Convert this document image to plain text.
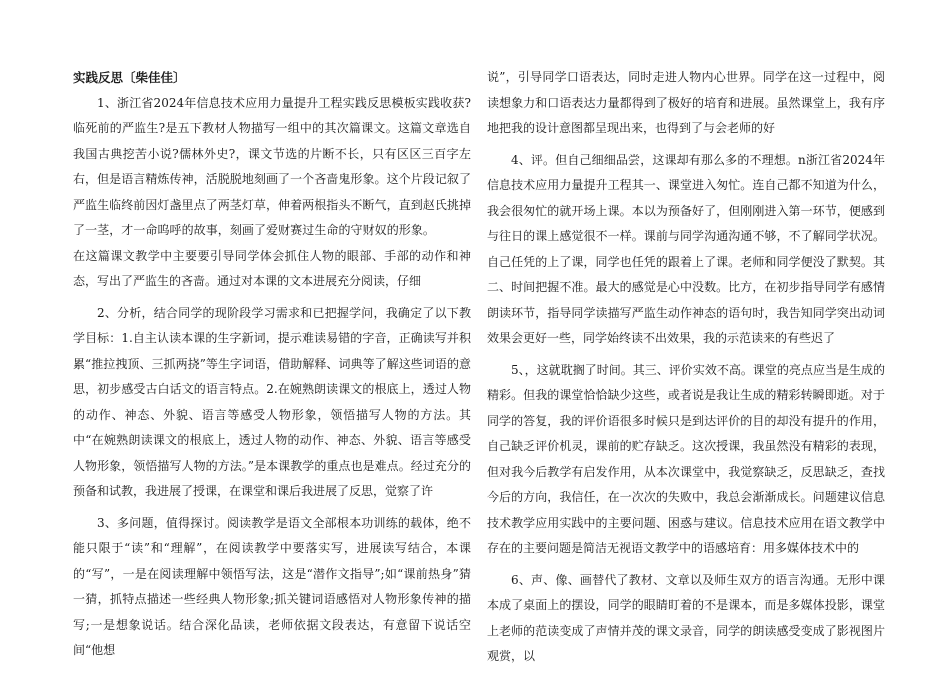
实践反思〔柴佳佳〕

1、浙江省2024年信息技术应用力量提升工程实践反思模板实践收获?临死前的严监生?是五下教材人物描写一组中的其次篇课文。这篇文章选自我国古典挖苦小说?儒林外史?，课文节选的片断不长，只有区区三百字左右，但是语言精炼传神，活脱脱地刻画了一个吝啬鬼形象。这个片段记叙了严监生临终前因灯盏里点了两茎灯草，伸着两根指头不断气，直到赵氏挑掉了一茎，才一命呜呼的故事，刻画了爱财赛过生命的守财奴的形象。在这篇课文教学中主要要引导同学体会抓住人物的眼部、手部的动作和神态，写出了严监生的吝啬。通过对本课的文本进展充分阅读，仔细

2、分析，结合同学的现阶段学习需求和已把握学问，我确定了以下教学目标：1.自主认读本课的生字新词，提示难读易错的字音，正确读写并积累“推拉拽顶、三抓两挠”等生字词语，借助解释、词典等了解这些词语的意思，初步感受古白话文的语言特点。2.在婉熟朗读课文的根底上，透过人物的动作、神态、外貌、语言等感受人物形象，领悟描写人物的方法。其中“在婉熟朗读课文的根底上，透过人物的动作、神态、外貌、语言等感受人物形象，领悟描写人物的方法。”是本课教学的重点也是难点。经过充分的预备和试教，我进展了授课，在课堂和课后我进展了反思，觉察了许

3、多问题，值得探讨。阅读教学是语文全部根本功训练的载体，绝不能只限于“读”和“理解”，在阅读教学中要落实写，进展读写结合，本课的“写”，一是在阅读理解中领悟写法，这是“潜作文指导”;如“课前热身”猜一猜，抓特点描述一些经典人物形象;抓关键词语感悟对人物形象传神的描写;一是想象说话。结合深化品读，老师依据文段表达，有意留下说话空间“他想

说”，引导同学口语表达，同时走进人物内心世界。同学在这一过程中，阅读想象力和口语表达力量都得到了极好的培育和进展。虽然课堂上，我有序地把我的设计意图都呈现出来，也得到了与会老师的好

4、评。但自己细细品尝，这课却有那么多的不理想。n浙江省2024年信息技术应用力量提升工程其一、课堂进入匆忙。连自己都不知道为什么，我会很匆忙的就开场上课。本以为预备好了，但刚刚进入第一环节，便感到与往日的课上感觉很不一样。课前与同学沟通沟通不够，不了解同学状况。自己任凭的上了课，同学也任凭的跟着上了课。老师和同学便没了默契。其二、时间把握不准。最大的感觉是心中没数。比方，在初步指导同学有感情朗读环节，指导同学读描写严监生动作神态的语句时，我告知同学突出动词效果会更好一些，同学始终读不出效果，我的示范读来的有些迟了

5、，这就耽搁了时间。其三、评价实效不高。课堂的亮点应当是生成的精彩。但我的课堂恰恰缺少这些，或者说是我让生成的精彩转瞬即逝。对于同学的答复，我的评价语很多时候只是到达评价的目的却没有提升的作用，自己缺乏评价机灵，课前的贮存缺乏。这次授课，我虽然没有精彩的表现，但对我今后教学有启发作用，从本次课堂中，我觉察缺乏，反思缺乏，查找今后的方向，我信任，在一次次的失败中，我总会渐渐成长。问题建议信息技术教学应用实践中的主要问题、困惑与建议。信息技术应用在语文教学中存在的主要问题是简洁无视语文教学中的语感培育：用多媒体技术中的

6、声、像、画替代了教材、文章以及师生双方的语言沟通。无形中课本成了桌面上的摆设，同学的眼睛盯着的不是课本，而是多媒体投影，课堂上老师的范读变成了声情并茂的课文录音，同学的朗读感受变成了影视图片观赏，以
